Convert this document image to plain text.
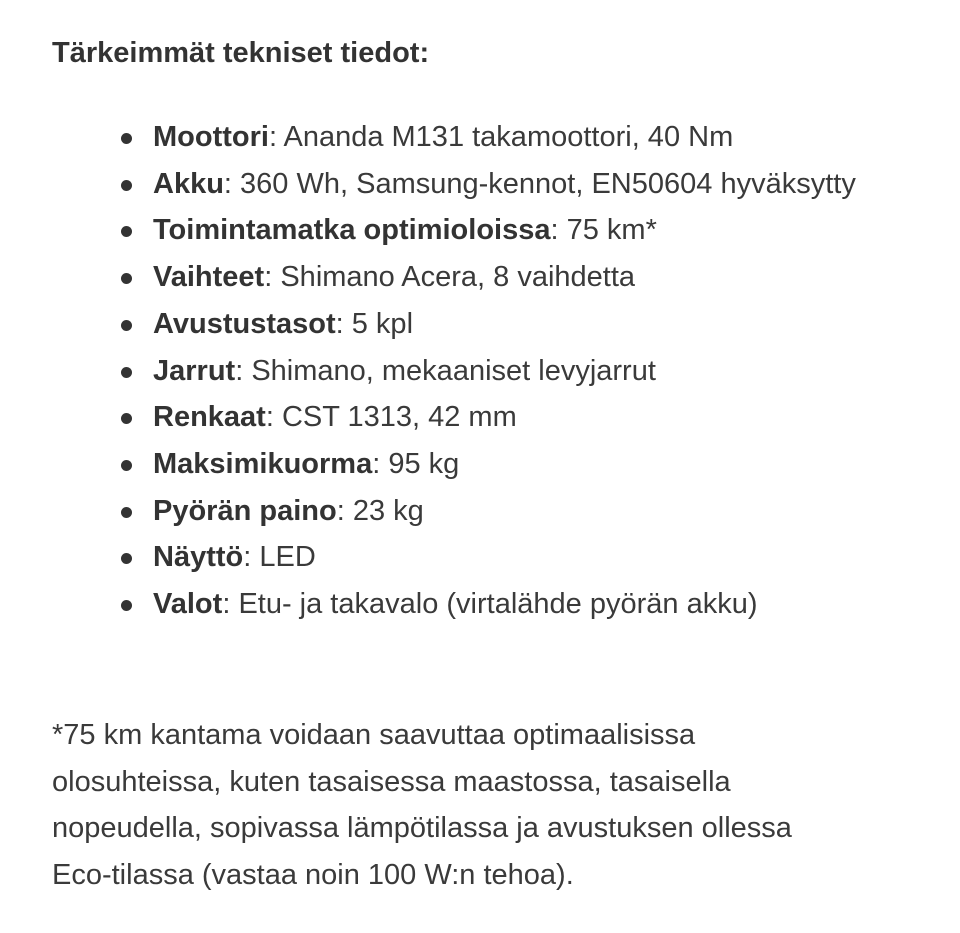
Tärkeimmät tekniset tiedot:
Moottori: Ananda M131 takamoottori, 40 Nm
Akku: 360 Wh, Samsung-kennot, EN50604 hyväksytty
Toimintamatka optimioloissa: 75 km*
Vaihteet: Shimano Acera, 8 vaihdetta
Avustustasot: 5 kpl
Jarrut: Shimano, mekaaniset levyjarrut
Renkaat: CST 1313, 42 mm
Maksimikuorma: 95 kg
Pyörän paino: 23 kg
Näyttö: LED
Valot: Etu- ja takavalo (virtalähde pyörän akku)

*75 km kantama voidaan saavuttaa optimaalisissa olosuhteissa, kuten tasaisessa maastossa, tasaisella nopeudella, sopivassa lämpötilassa ja avustuksen ollessa Eco-tilassa (vastaa noin 100 W:n tehoa).
